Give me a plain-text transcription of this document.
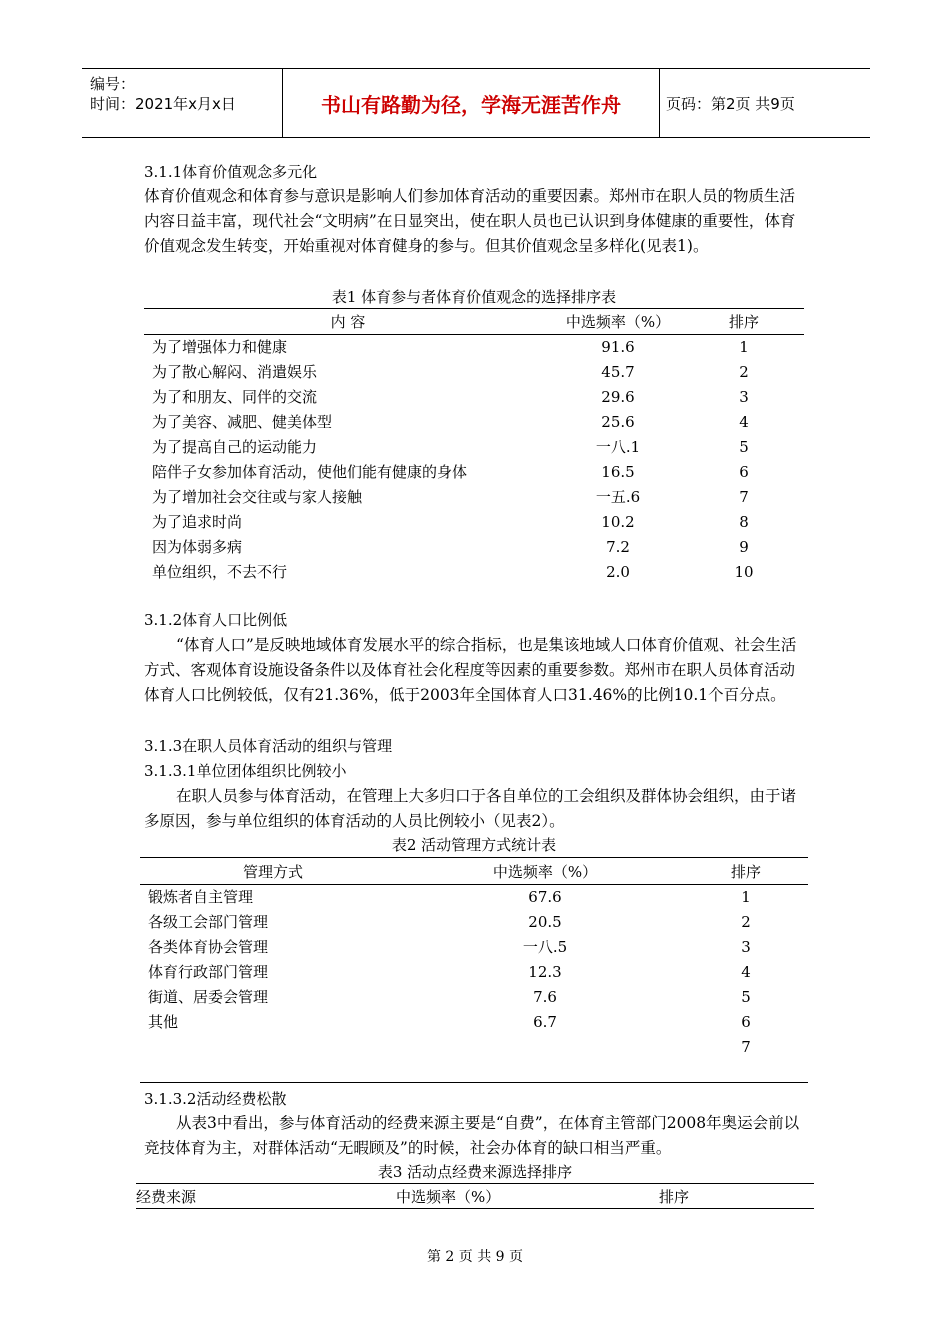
编号：
时间：2021年x月x日	书山有路勤为径，学海无涯苦作舟	页码：第2页 共9页
3.1.1体育价值观念多元化
体育价值观念和体育参与意识是影响人们参加体育活动的重要因素。郑州市在职人员的物质生活内容日益丰富，现代社会“文明病”在日显突出，使在职人员也已认识到身体健康的重要性，体育价值观念发生转变，开始重视对体育健身的参与。但其价值观念呈多样化(见表1)。
表1 体育参与者体育价值观念的选择排序表
内 容	中选频率（%）	排序
为了增强体力和健康	91.6	1
为了散心解闷、消遣娱乐	45.7	2
为了和朋友、同伴的交流	29.6	3
为了美容、减肥、健美体型	25.6	4
为了提高自己的运动能力	一八.1	5
陪伴子女参加体育活动，使他们能有健康的身体	16.5	6
为了增加社会交往或与家人接触	一五.6	7
为了追求时尚	10.2	8
因为体弱多病	7.2	9
单位组织，不去不行	2.0	10
3.1.2体育人口比例低
“体育人口”是反映地域体育发展水平的综合指标，也是集该地域人口体育价值观、社会生活方式、客观体育设施设备条件以及体育社会化程度等因素的重要参数。郑州市在职人员体育活动体育人口比例较低，仅有21.36%，低于2003年全国体育人口31.46%的比例10.1个百分点。
3.1.3在职人员体育活动的组织与管理
3.1.3.1单位团体组织比例较小
在职人员参与体育活动，在管理上大多归口于各自单位的工会组织及群体协会组织，由于诸多原因，参与单位组织的体育活动的人员比例较小（见表2）。
表2 活动管理方式统计表
管理方式	中选频率（%）	排序
锻炼者自主管理	67.6	1
各级工会部门管理	20.5	2
各类体育协会管理	一八.5	3
体育行政部门管理	12.3	4
街道、居委会管理	7.6	5
其他	6.7	6
		7
3.1.3.2活动经费松散
从表3中看出，参与体育活动的经费来源主要是“自费”，在体育主管部门2008年奥运会前以竞技体育为主，对群体活动“无暇顾及”的时候，社会办体育的缺口相当严重。
表3 活动点经费来源选择排序
经费来源	中选频率（%）	排序
第 2 页 共 9 页
